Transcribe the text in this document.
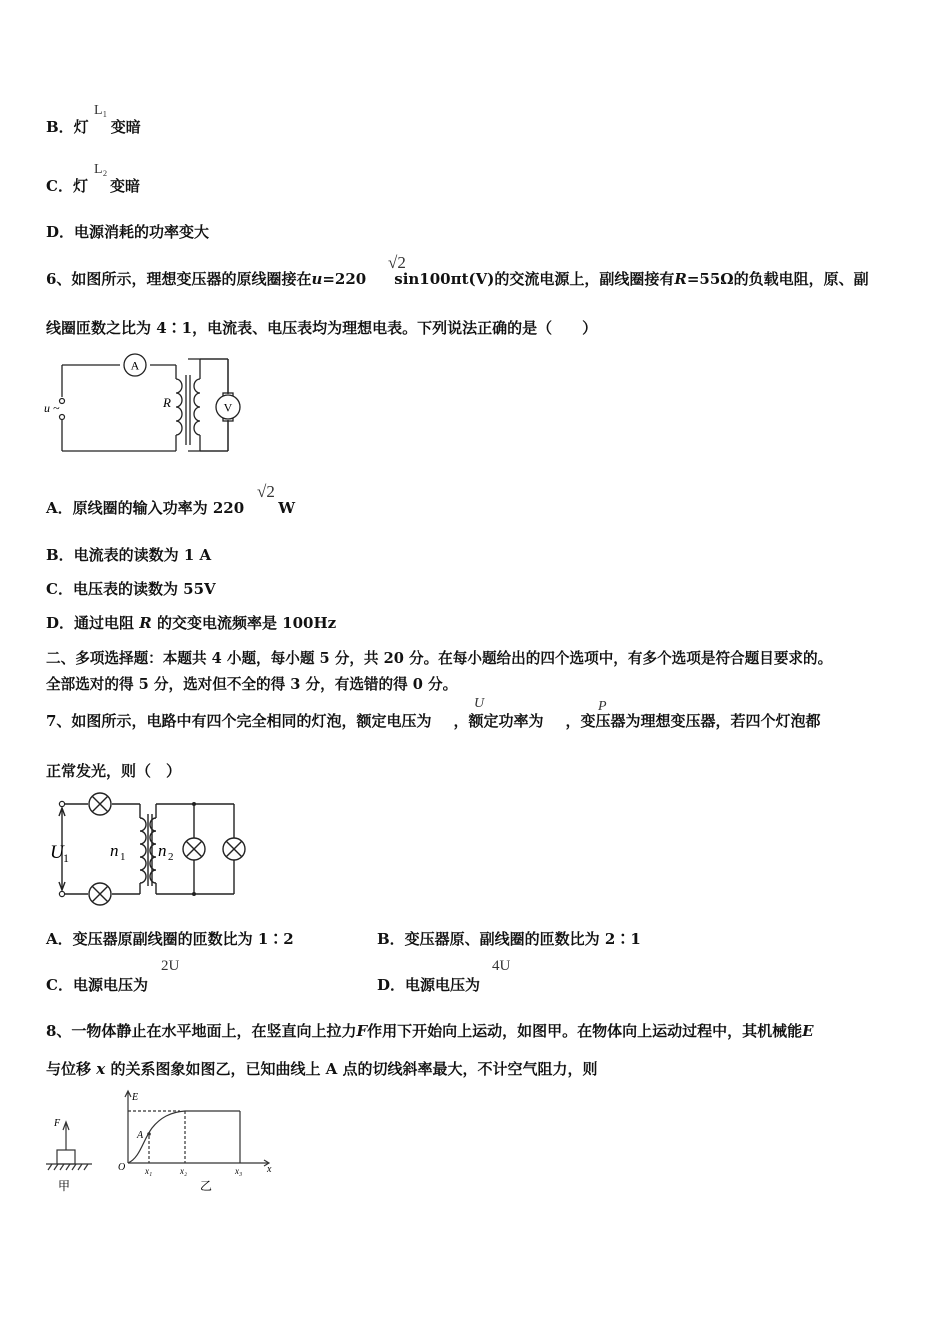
B．灯 变暗
L₁
C．灯 变暗
L₂
D．电源消耗的功率变大
6、如图所示，理想变压器的原线圈接在u=220 sin100πt(V)的交流电源上，副线圈接有R=55Ω的负载电阻，原、副
√2
线圈匝数之比为 4∶1，电流表、电压表均为理想电表。下列说法正确的是（　　）
A
R
u ~	V
A．原线圈的输入功率为 220 W
√2
B．电流表的读数为 1 A
C．电压表的读数为 55V
D．通过电阻 R 的交变电流频率是 100Hz
二、多项选择题：本题共 4 小题，每小题 5 分，共 20 分。在每小题给出的四个选项中，有多个选项是符合题目要求的。
全部选对的得 5 分，选对但不全的得 3 分，有选错的得 0 分。
7、如图所示，电路中有四个完全相同的灯泡，额定电压为 ，额定功率为 ，变压器为理想变压器，若四个灯泡都
U	P
正常发光，则（　）
U 1 n 1 n 2
A．变压器原副线圈的匝数比为 1∶2	B．变压器原、副线圈的匝数比为 2∶1
C．电源电压为
2U
D．电源电压为
4U
8、一物体静止在水平地面上，在竖直向上拉力F作用下开始向上运动，如图甲。在物体向上运动过程中，其机械能E
与位移 x 的关系图象如图乙，已知曲线上 A 点的切线斜率最大，不计空气阻力，则
F
甲
E
x
O
A
x₁	x₂	x₃
乙
